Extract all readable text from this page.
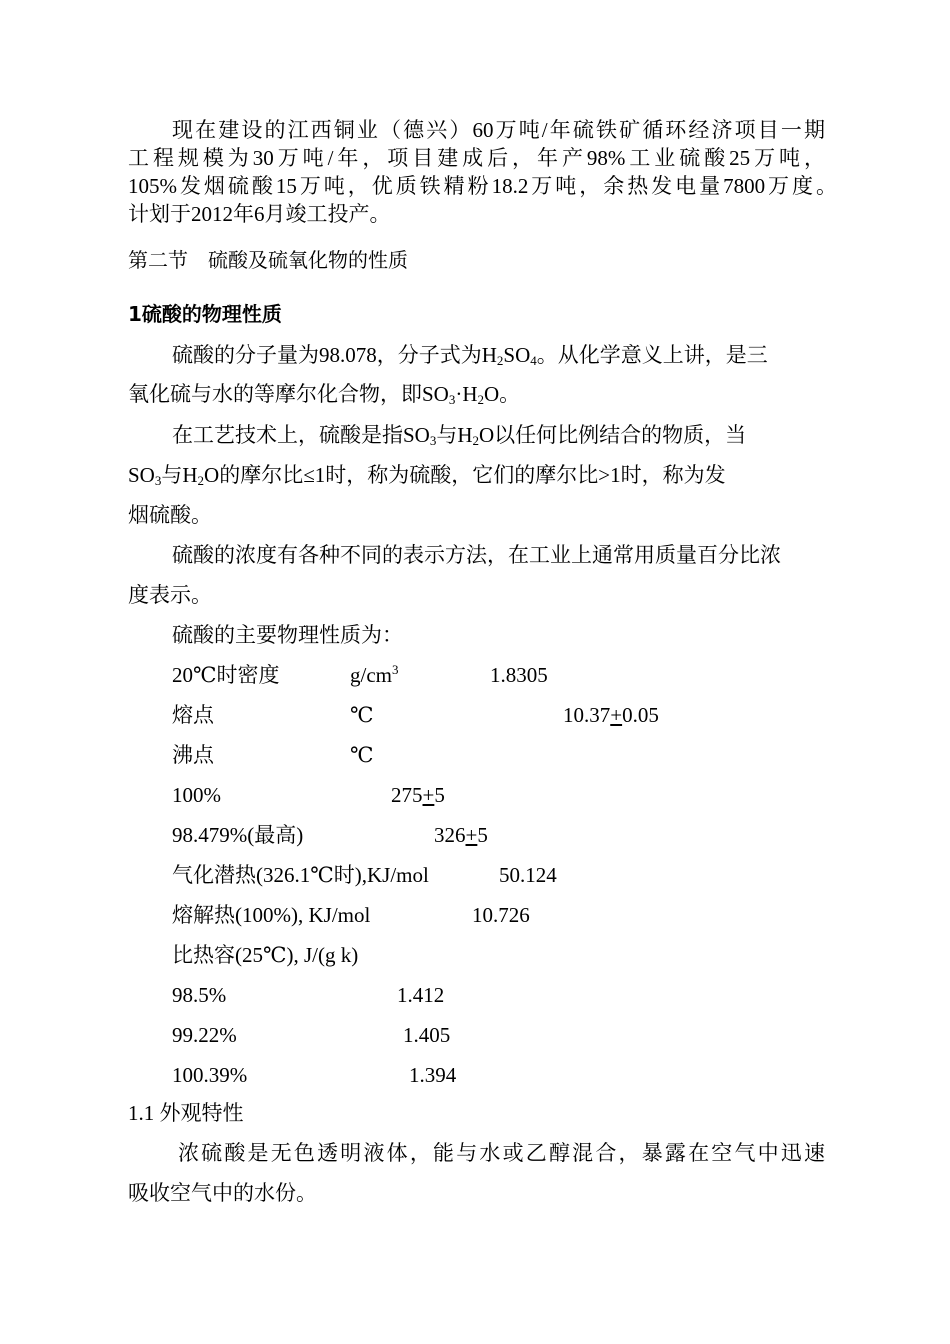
现在建设的江西铜业（德兴）60万吨/年硫铁矿循环经济项目一期
工程规模为30万吨/年，项目建成后，年产98%工业硫酸25万吨，
105%发烟硫酸15万吨，优质铁精粉18.2万吨，余热发电量7800万度。
计划于2012年6月竣工投产。
第二节　硫酸及硫氧化物的性质
1硫酸的物理性质
硫酸的分子量为98.078，分子式为$H_2SO_4$。从化学意义上讲，是三
氧化硫与水的等摩尔化合物，即$SO_3\cdot H_2O$。
在工艺技术上，硫酸是指$SO_3$与$H_2O$以任何比例结合的物质，当
$SO_3$与$H_2O$的摩尔比≤1时，称为硫酸，它们的摩尔比>1时，称为发
烟硫酸。
硫酸的浓度有各种不同的表示方法，在工业上通常用质量百分比浓
度表示。
硫酸的主要物理性质为：
20℃时密度	$g/cm^3$	1.8305
熔点	℃	10.37+0.05
沸点	℃
100%	275+5
98.479%(最高)	326+5
气化潜热(326.1℃时),KJ/mol	50.124
熔解热(100%), KJ/mol	10.726
比热容(25℃), J/(g k)
98.5%	1.412
99.22%	1.405
100.39%	1.394
1.1 外观特性
浓硫酸是无色透明液体，能与水或乙醇混合，暴露在空气中迅速
吸收空气中的水份。
